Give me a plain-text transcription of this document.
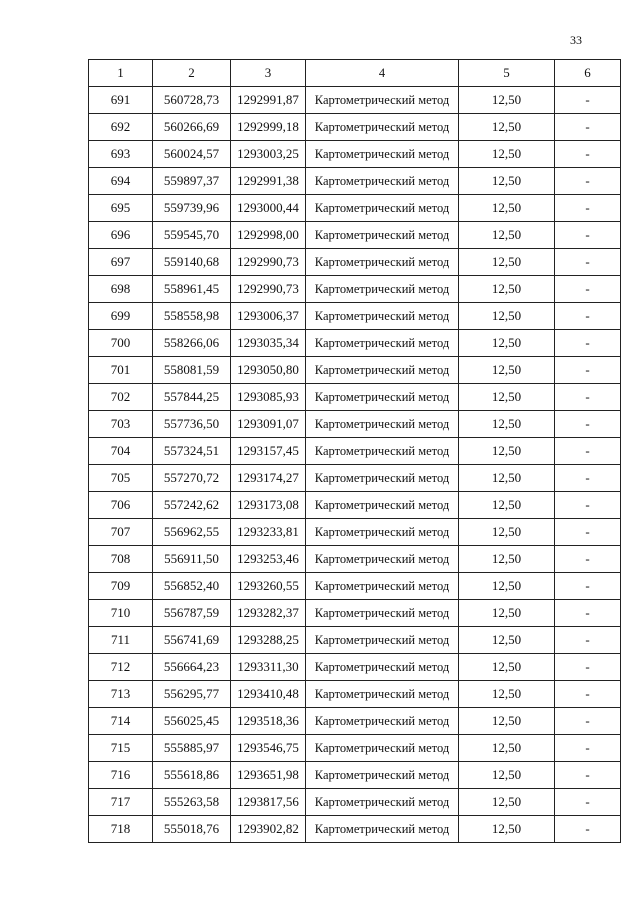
33
1	2	3	4	5	6
691	560728,73	1292991,87	Картометрический метод	12,50	-
692	560266,69	1292999,18	Картометрический метод	12,50	-
693	560024,57	1293003,25	Картометрический метод	12,50	-
694	559897,37	1292991,38	Картометрический метод	12,50	-
695	559739,96	1293000,44	Картометрический метод	12,50	-
696	559545,70	1292998,00	Картометрический метод	12,50	-
697	559140,68	1292990,73	Картометрический метод	12,50	-
698	558961,45	1292990,73	Картометрический метод	12,50	-
699	558558,98	1293006,37	Картометрический метод	12,50	-
700	558266,06	1293035,34	Картометрический метод	12,50	-
701	558081,59	1293050,80	Картометрический метод	12,50	-
702	557844,25	1293085,93	Картометрический метод	12,50	-
703	557736,50	1293091,07	Картометрический метод	12,50	-
704	557324,51	1293157,45	Картометрический метод	12,50	-
705	557270,72	1293174,27	Картометрический метод	12,50	-
706	557242,62	1293173,08	Картометрический метод	12,50	-
707	556962,55	1293233,81	Картометрический метод	12,50	-
708	556911,50	1293253,46	Картометрический метод	12,50	-
709	556852,40	1293260,55	Картометрический метод	12,50	-
710	556787,59	1293282,37	Картометрический метод	12,50	-
711	556741,69	1293288,25	Картометрический метод	12,50	-
712	556664,23	1293311,30	Картометрический метод	12,50	-
713	556295,77	1293410,48	Картометрический метод	12,50	-
714	556025,45	1293518,36	Картометрический метод	12,50	-
715	555885,97	1293546,75	Картометрический метод	12,50	-
716	555618,86	1293651,98	Картометрический метод	12,50	-
717	555263,58	1293817,56	Картометрический метод	12,50	-
718	555018,76	1293902,82	Картометрический метод	12,50	-
